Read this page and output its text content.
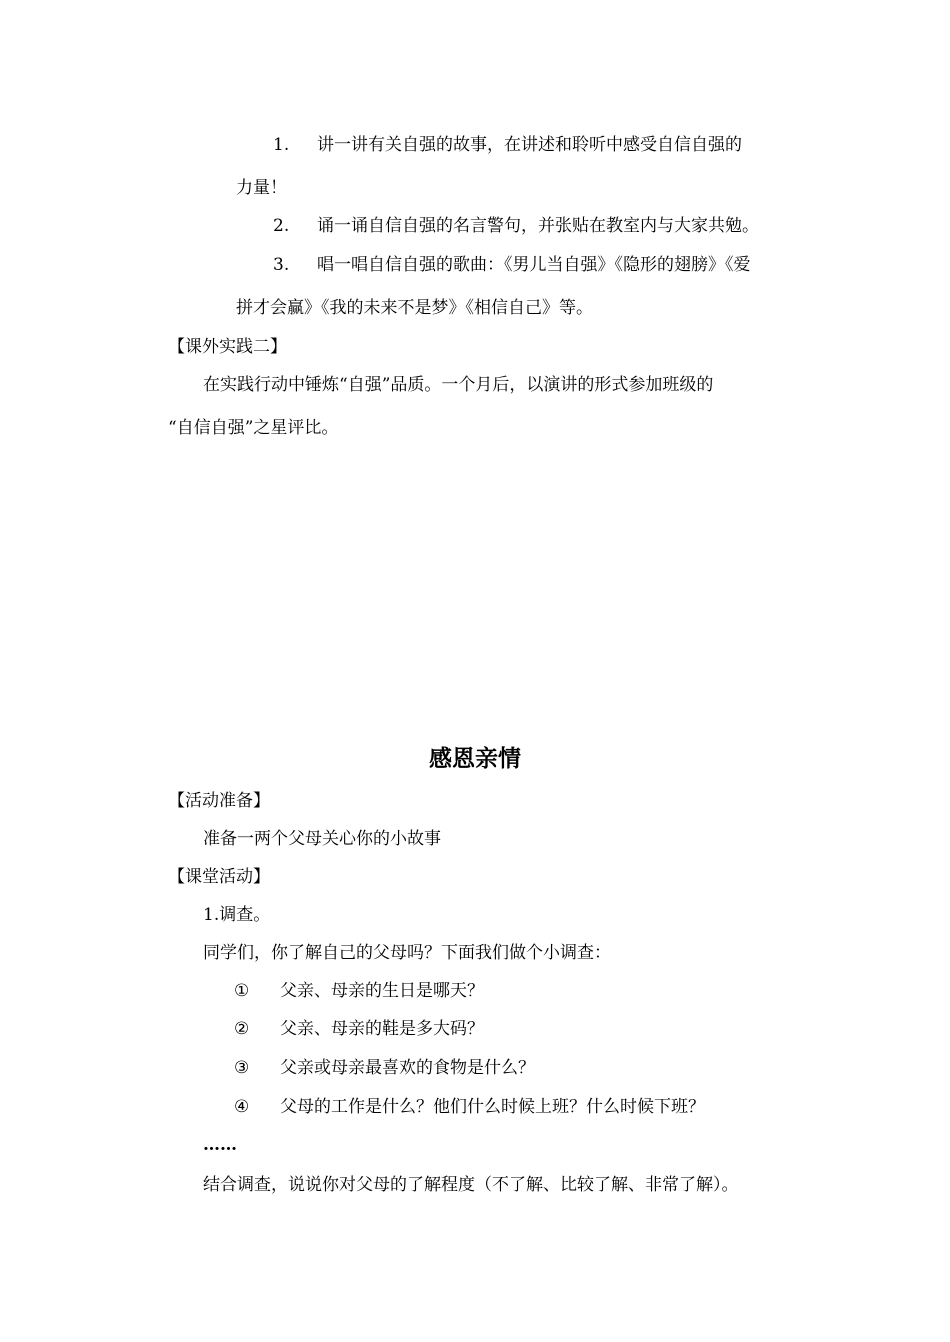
1. 讲一讲有关自强的故事，在讲述和聆听中感受自信自强的
力量！
2. 诵一诵自信自强的名言警句，并张贴在教室内与大家共勉。
3. 唱一唱自信自强的歌曲：《男儿当自强》《隐形的翅膀》《爱
拼才会赢》《我的未来不是梦》《相信自己》等。
【课外实践二】
在实践行动中锤炼“自强”品质。一个月后，以演讲的形式参加班级的
“自信自强”之星评比。
感恩亲情
【活动准备】
准备一两个父母关心你的小故事
【课堂活动】
1.调查。
同学们，你了解自己的父母吗？下面我们做个小调查：
① 父亲、母亲的生日是哪天？
② 父亲、母亲的鞋是多大码？
③ 父亲或母亲最喜欢的食物是什么？
④ 父母的工作是什么？他们什么时候上班？什么时候下班？
……
结合调查，说说你对父母的了解程度（不了解、比较了解、非常了解）。
